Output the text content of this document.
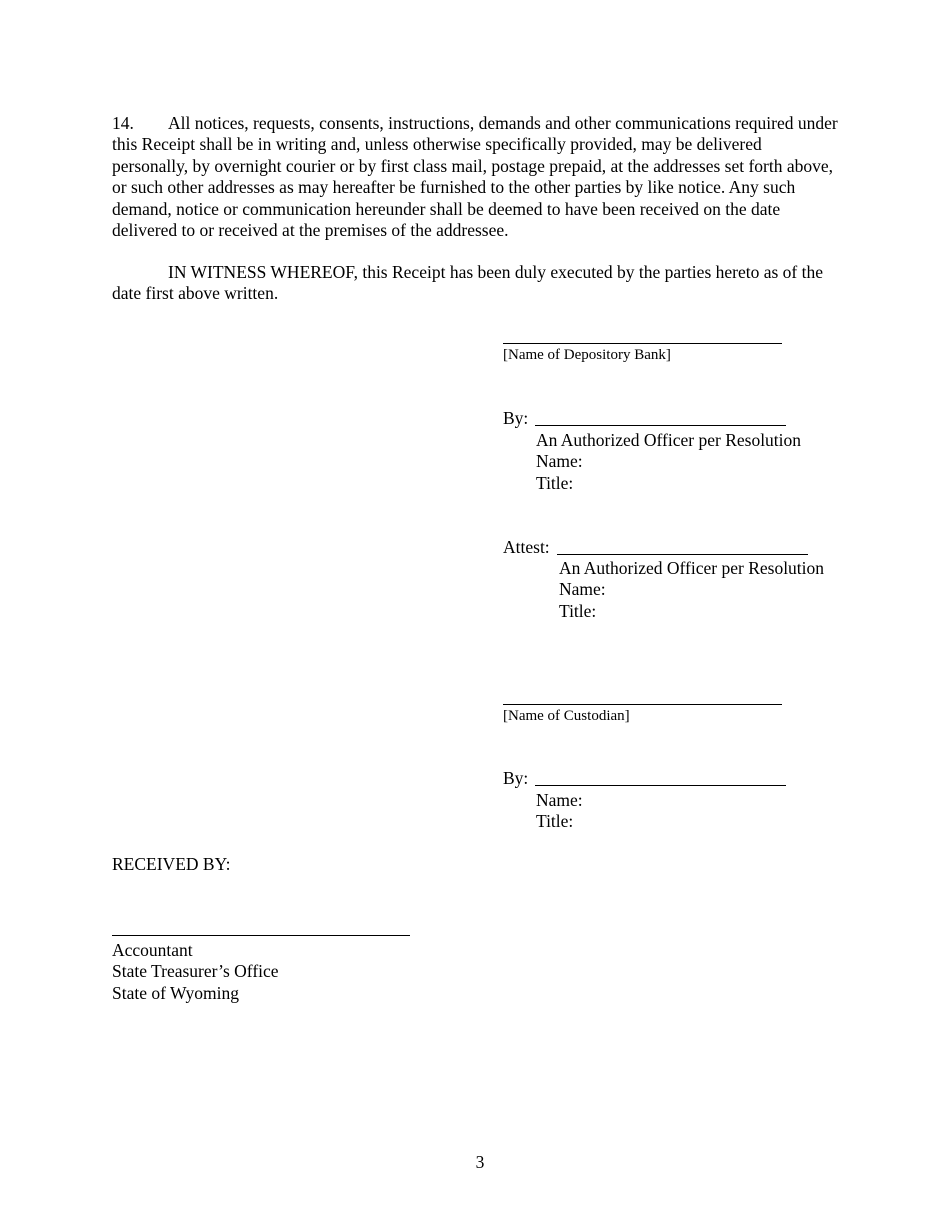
14. All notices, requests, consents, instructions, demands and other communications required under this Receipt shall be in writing and, unless otherwise specifically provided, may be delivered personally, by overnight courier or by first class mail, postage prepaid, at the addresses set forth above, or such other addresses as may hereafter be furnished to the other parties by like notice. Any such demand, notice or communication hereunder shall be deemed to have been received on the date delivered to or received at the premises of the addressee.
IN WITNESS WHEREOF, this Receipt has been duly executed by the parties hereto as of the date first above written.
[Name of Depository Bank]
By:
An Authorized Officer per Resolution
Name:
Title:
Attest:
An Authorized Officer per Resolution
Name:
Title:
[Name of Custodian]
By:
Name:
Title:
RECEIVED BY:
Accountant
State Treasurer’s Office
State of Wyoming
3
